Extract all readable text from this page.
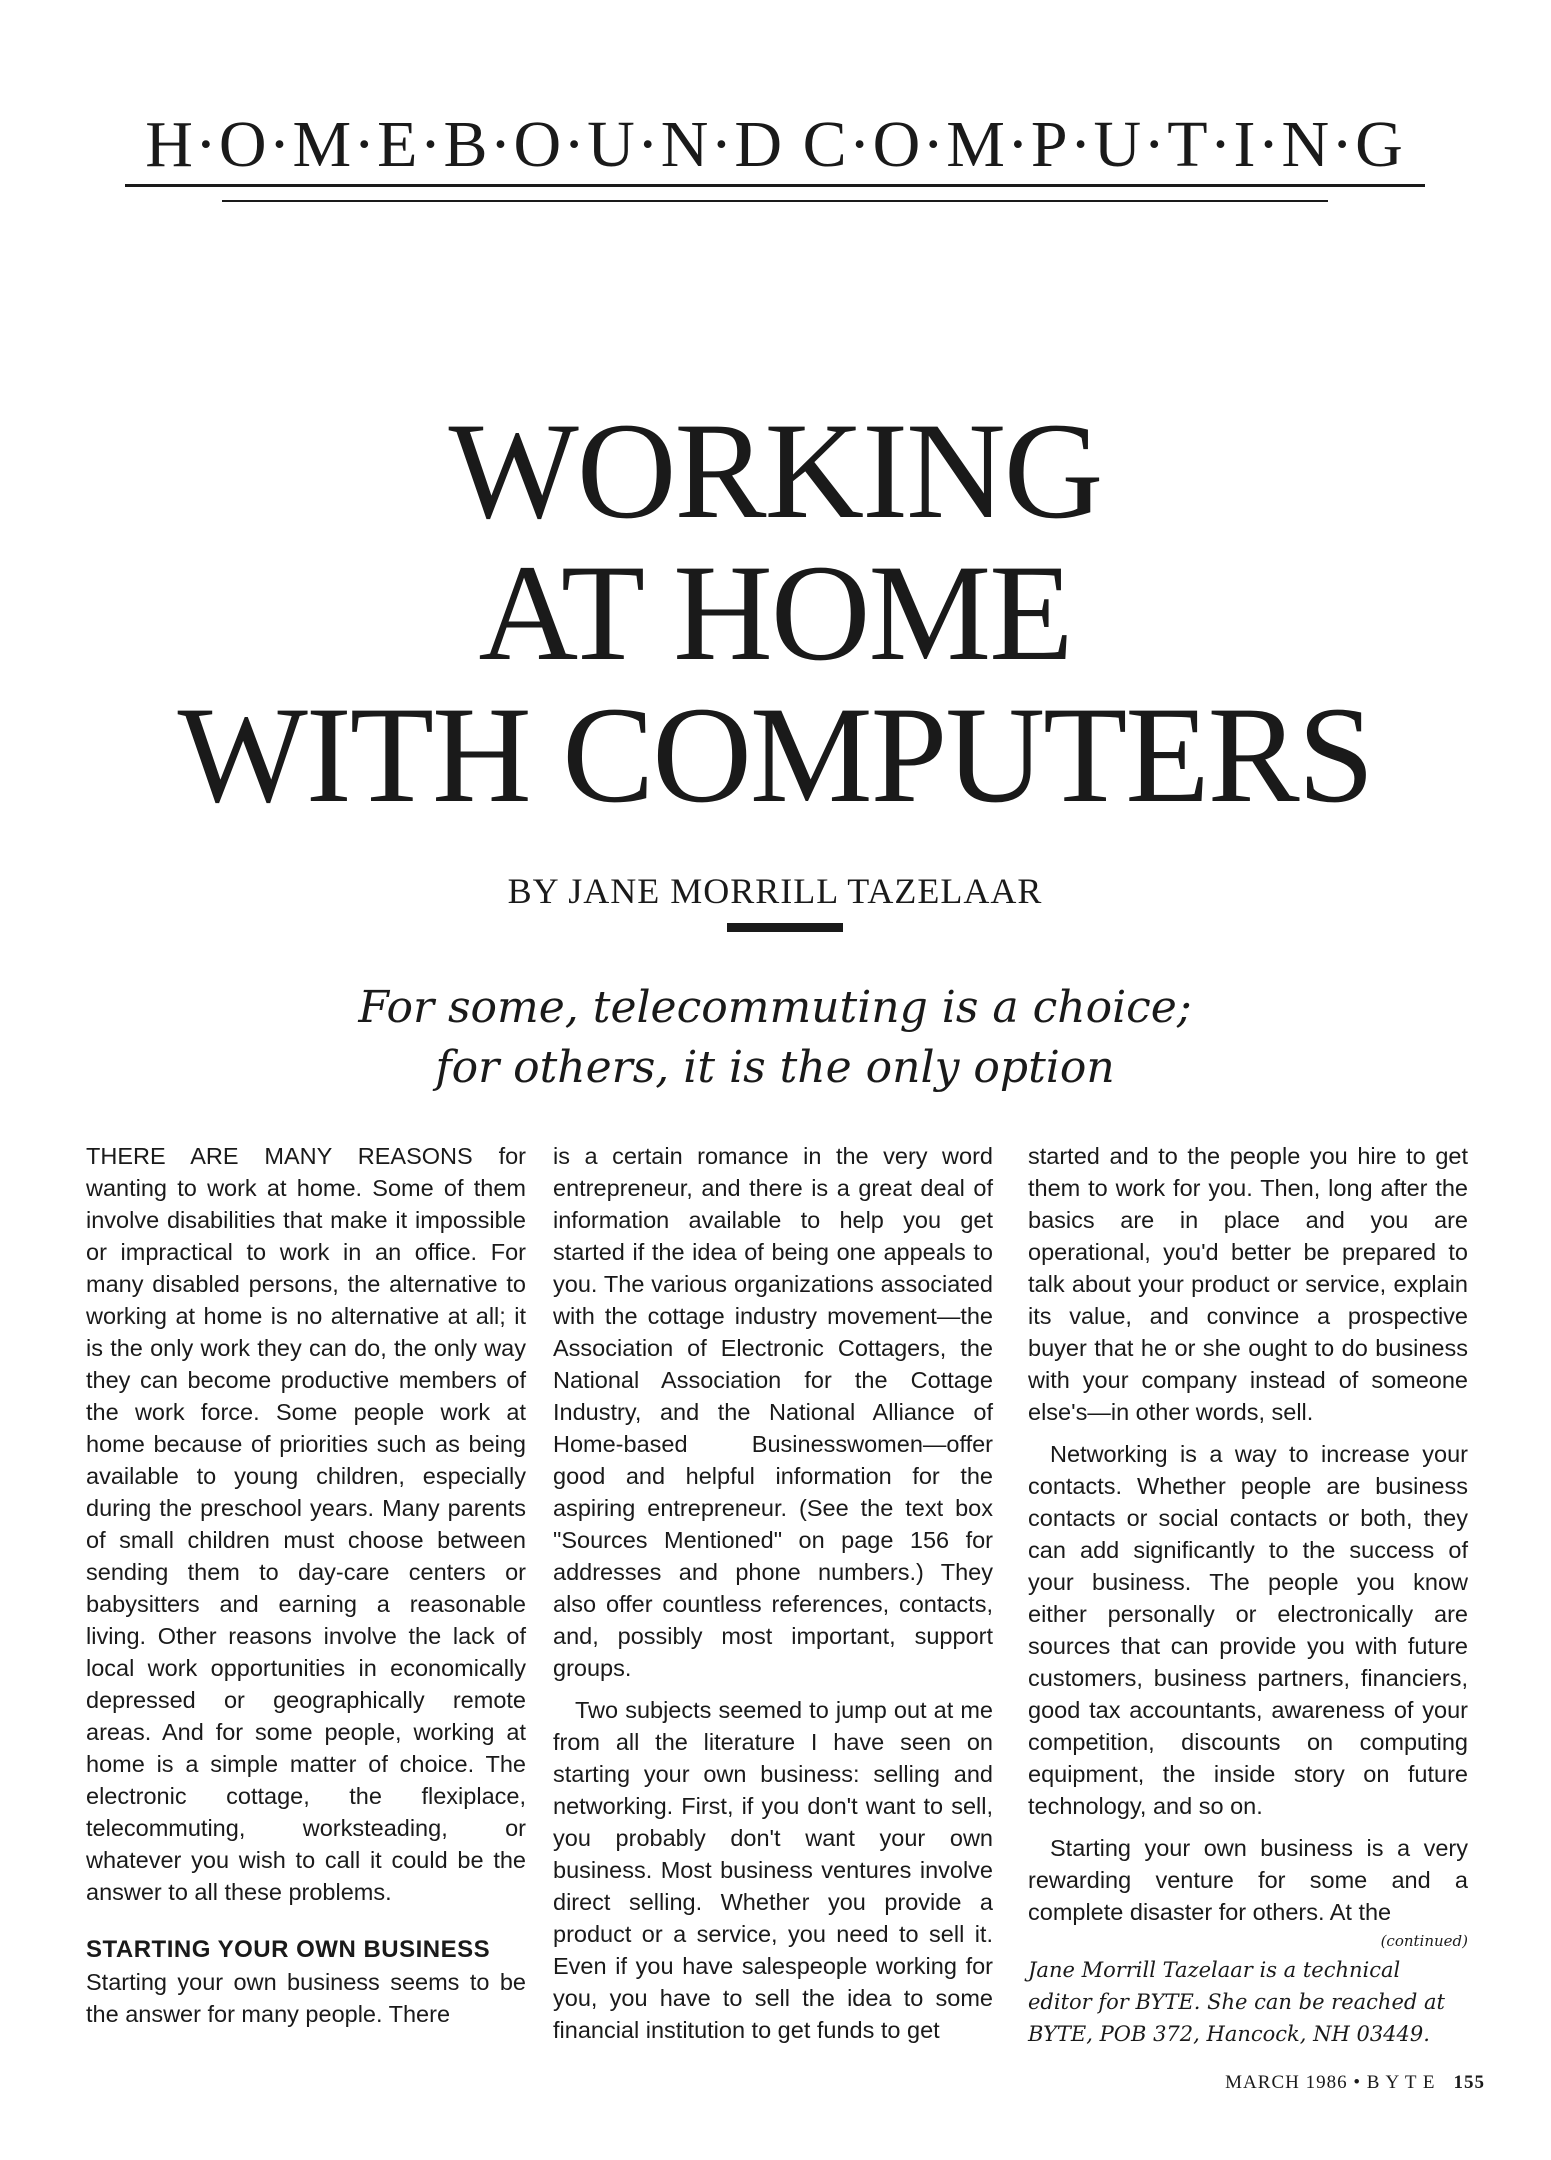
H·O·M·E·B·O·U·N·D C·O·M·P·U·T·I·N·G
WORKING
AT HOME
WITH COMPUTERS
BY JANE MORRILL TAZELAAR
For some, telecommuting is a choice;
for others, it is the only option

THERE ARE MANY REASONS for wanting to work at home. Some of them involve disabilities that make it impossible or impractical to work in an office. For many disabled persons, the alternative to working at home is no alternative at all; it is the only work they can do, the only way they can become productive members of the work force. Some people work at home because of priorities such as being available to young children, especially during the preschool years. Many parents of small children must choose between sending them to day-care centers or babysitters and earning a reasonable living. Other reasons involve the lack of local work opportunities in economically depressed or geographically remote areas. And for some people, working at home is a simple matter of choice. The electronic cottage, the flexiplace, telecommuting, worksteading, or whatever you wish to call it could be the answer to all these problems.

STARTING YOUR OWN BUSINESS

Starting your own business seems to be the answer for many people. There

is a certain romance in the very word entrepreneur, and there is a great deal of information available to help you get started if the idea of being one appeals to you. The various organizations associated with the cottage industry movement—the Association of Electronic Cottagers, the National Association for the Cottage Industry, and the National Alliance of Home-based Businesswomen—offer good and helpful information for the aspiring entrepreneur. (See the text box "Sources Mentioned" on page 156 for addresses and phone numbers.) They also offer countless references, contacts, and, possibly most important, support groups.

Two subjects seemed to jump out at me from all the literature I have seen on starting your own business: selling and networking. First, if you don't want to sell, you probably don't want your own business. Most business ventures involve direct selling. Whether you provide a product or a service, you need to sell it. Even if you have salespeople working for you, you have to sell the idea to some financial institution to get funds to get

started and to the people you hire to get them to work for you. Then, long after the basics are in place and you are operational, you'd better be prepared to talk about your product or service, explain its value, and convince a prospective buyer that he or she ought to do business with your company instead of someone else's—in other words, sell.

Networking is a way to increase your contacts. Whether people are business contacts or social contacts or both, they can add significantly to the success of your business. The people you know either personally or electronically are sources that can provide you with future customers, business partners, financiers, good tax accountants, awareness of your competition, discounts on computing equipment, the inside story on future technology, and so on.

Starting your own business is a very rewarding venture for some and a complete disaster for others. At the

(continued)
Jane Morrill Tazelaar is a technical editor for BYTE. She can be reached at BYTE, POB 372, Hancock, NH 03449.
MARCH 1986 • B Y T E 155
